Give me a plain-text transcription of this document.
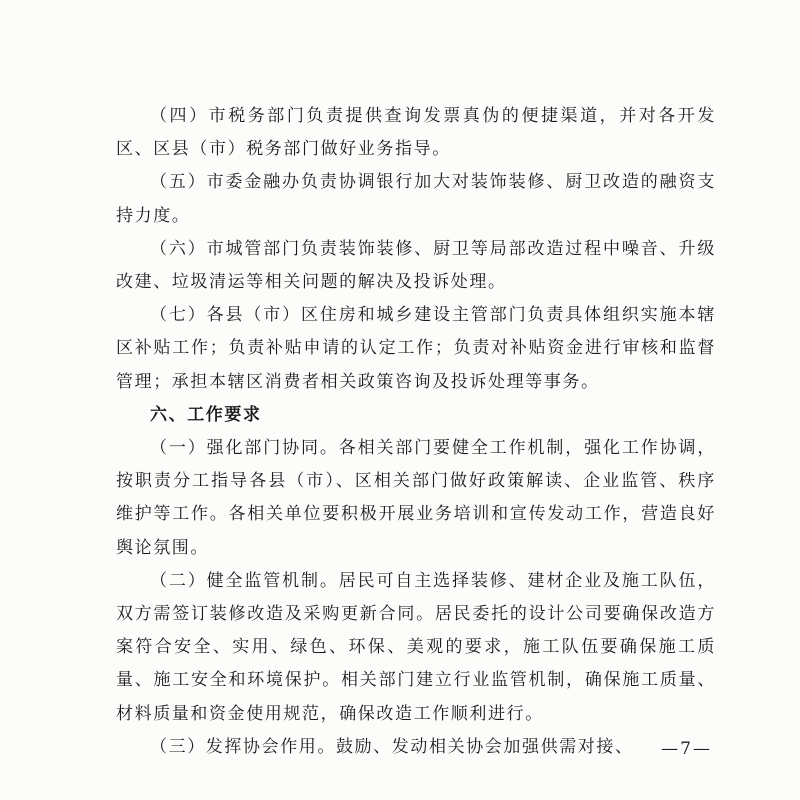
（四）市税务部门负责提供查询发票真伪的便捷渠道，并对各开发区、区县（市）税务部门做好业务指导。

（五）市委金融办负责协调银行加大对装饰装修、厨卫改造的融资支持力度。

（六）市城管部门负责装饰装修、厨卫等局部改造过程中噪音、升级改建、垃圾清运等相关问题的解决及投诉处理。

（七）各县（市）区住房和城乡建设主管部门负责具体组织实施本辖区补贴工作；负责补贴申请的认定工作；负责对补贴资金进行审核和监督管理；承担本辖区消费者相关政策咨询及投诉处理等事务。

六、工作要求

（一）强化部门协同。各相关部门要健全工作机制，强化工作协调，按职责分工指导各县（市）、区相关部门做好政策解读、企业监管、秩序维护等工作。各相关单位要积极开展业务培训和宣传发动工作，营造良好舆论氛围。

（二）健全监管机制。居民可自主选择装修、建材企业及施工队伍，双方需签订装修改造及采购更新合同。居民委托的设计公司要确保改造方案符合安全、实用、绿色、环保、美观的要求，施工队伍要确保施工质量、施工安全和环境保护。相关部门建立行业监管机制，确保施工质量、材料质量和资金使用规范，确保改造工作顺利进行。

（三）发挥协会作用。鼓励、发动相关协会加强供需对接、	—7—
